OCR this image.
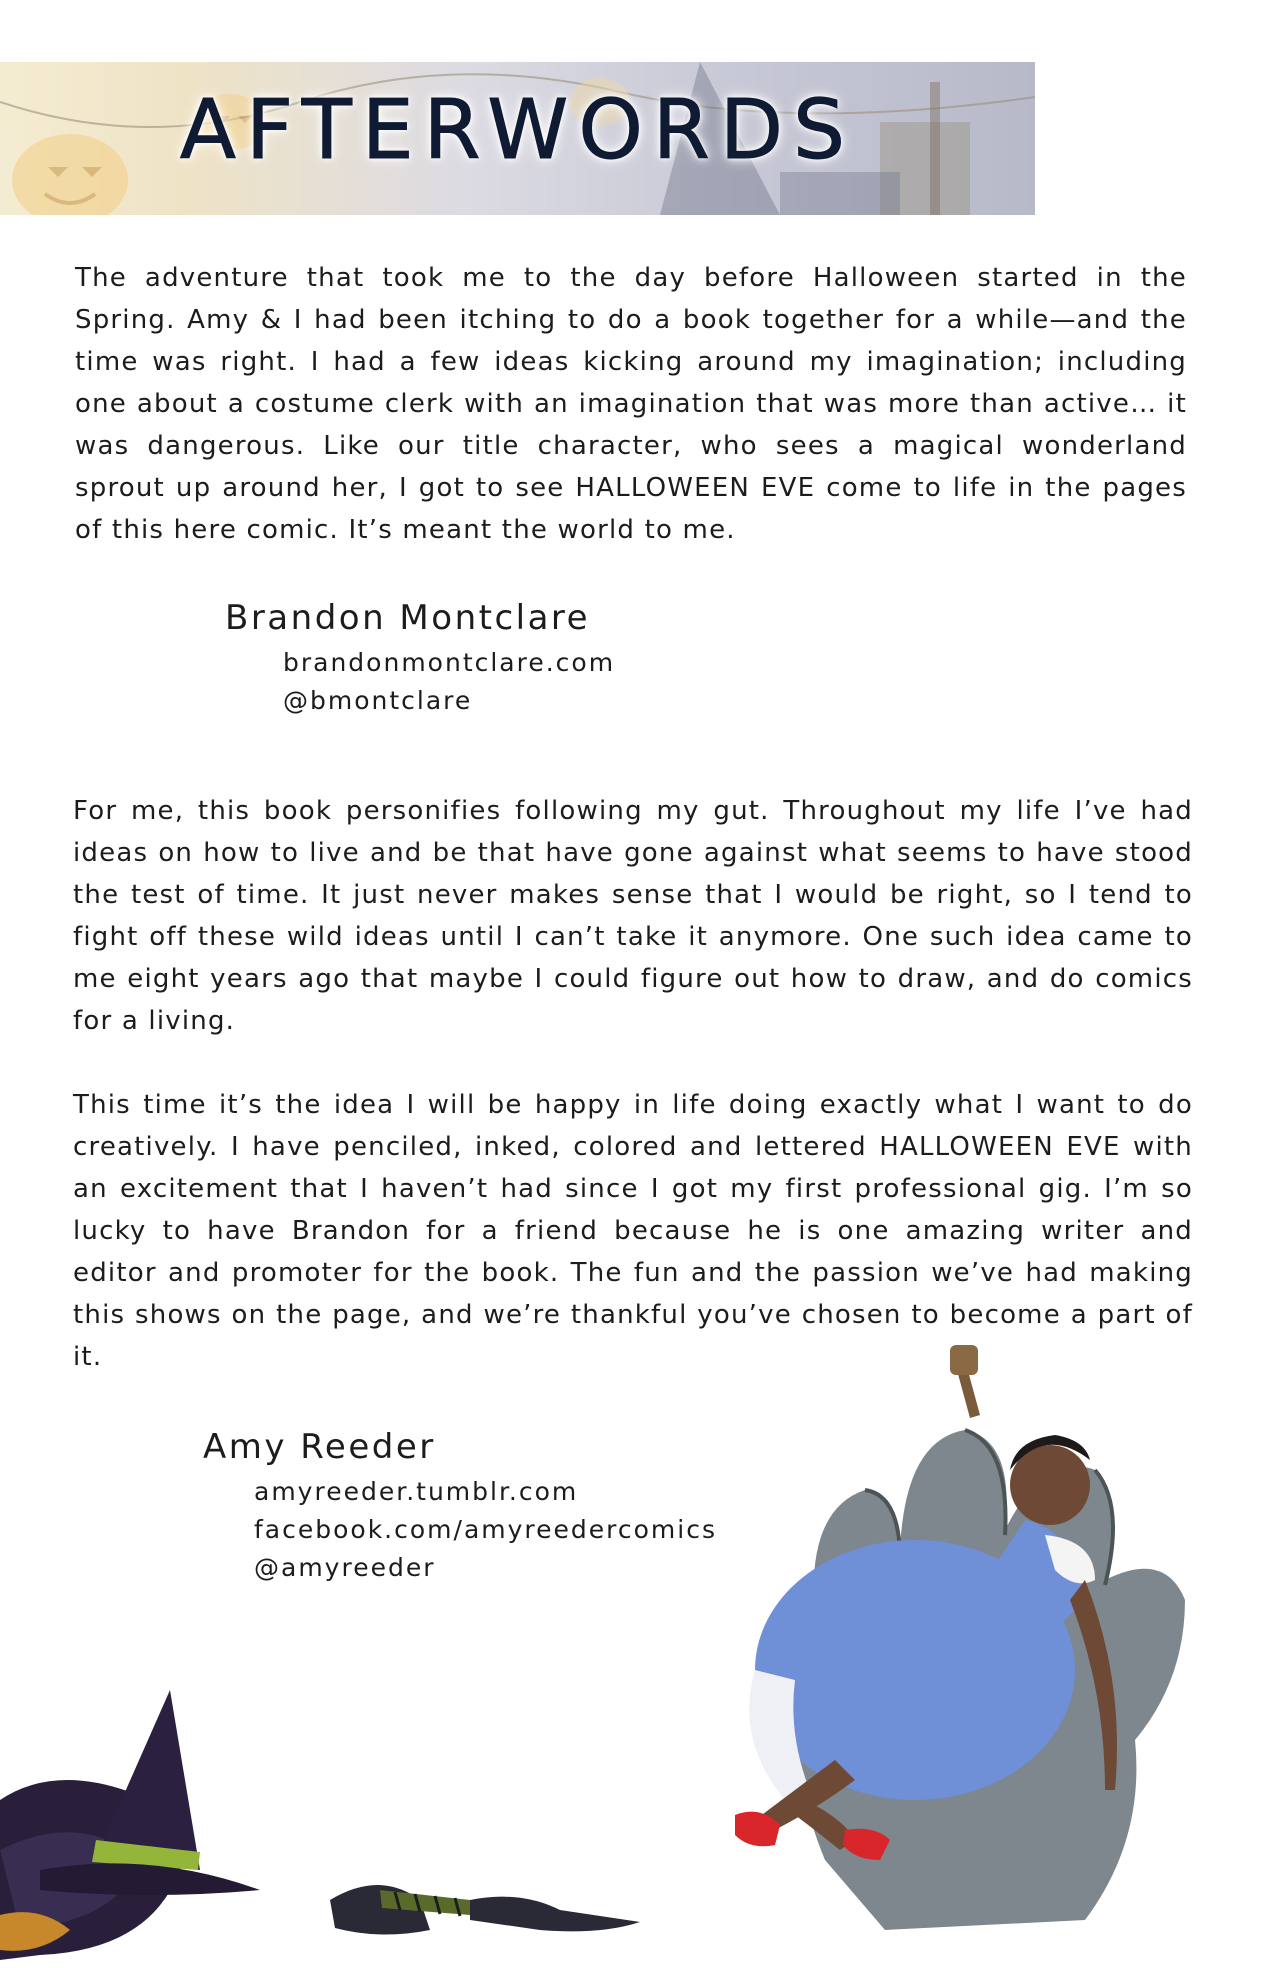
AFTERWORDS

The adventure that took me to the day before Halloween started in the Spring. Amy & I had been itching to do a book together for a while—and the time was right. I had a few ideas kicking around my imagination; including one about a costume clerk with an imagination that was more than active… it was dangerous. Like our title character, who sees a magical wonderland sprout up around her, I got to see HALLOWEEN EVE come to life in the pages of this here comic. It’s meant the world to me.

Brandon Montclare
brandonmontclare.com
@bmontclare

For me, this book personifies following my gut. Throughout my life I’ve had ideas on how to live and be that have gone against what seems to have stood the test of time. It just never makes sense that I would be right, so I tend to fight off these wild ideas until I can’t take it anymore. One such idea came to me eight years ago that maybe I could figure out how to draw, and do comics for a living.

This time it’s the idea I will be happy in life doing exactly what I want to do creatively. I have penciled, inked, colored and lettered HALLOWEEN EVE with an excitement that I haven’t had since I got my first professional gig. I’m so lucky to have Brandon for a friend because he is one amazing writer and editor and promoter for the book. The fun and the passion we’ve had making this shows on the page, and we’re thankful you’ve chosen to become a part of it.

Amy Reeder
amyreeder.tumblr.com
facebook.com/amyreedercomics
@amyreeder
